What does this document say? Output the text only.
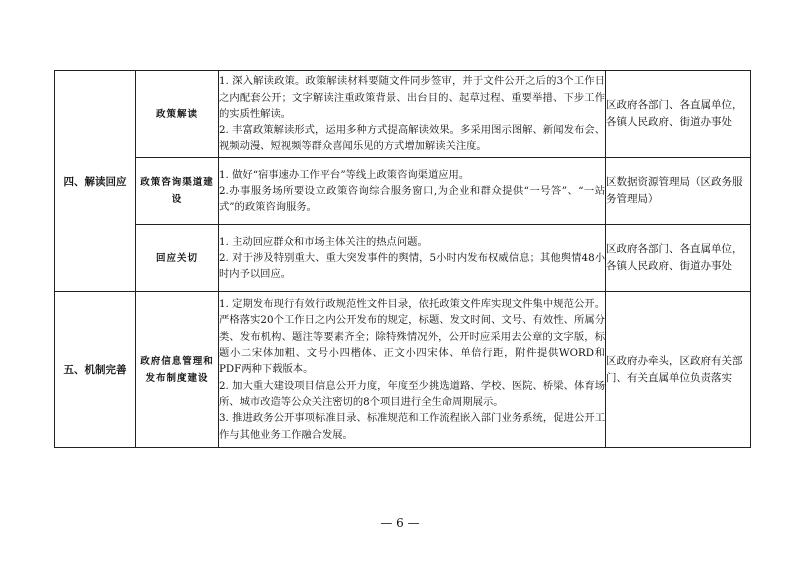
四、解读回应	政策解读	1. 深入解读政策。政策解读材料要随文件同步签审，并于文件公开之后的3个工作日之内配套公开；文字解读注重政策背景、出台目的、起草过程、重要举措、下步工作的实质性解读。
2. 丰富政策解读形式，运用多种方式提高解读效果。多采用图示图解、新闻发布会、视频动漫、短视频等群众喜闻乐见的方式增加解读关注度。	区政府各部门、各直属单位，各镇人民政府、街道办事处
	政策咨询渠道建设	1. 做好“宿事速办工作平台”等线上政策咨询渠道应用。
2.办事服务场所要设立政策咨询综合服务窗口,为企业和群众提供“一号答”、“一站式”的政策咨询服务。	区数据资源管理局（区政务服务管理局）
	回应关切	1. 主动回应群众和市场主体关注的热点问题。
2. 对于涉及特别重大、重大突发事件的舆情，5小时内发布权威信息；其他舆情48小时内予以回应。	区政府各部门、各直属单位，各镇人民政府、街道办事处
五、机制完善	政府信息管理和发布制度建设	1. 定期发布现行有效行政规范性文件目录，依托政策文件库实现文件集中规范公开。严格落实20个工作日之内公开发布的规定，标题、发文时间、文号、有效性、所属分类、发布机构、题注等要素齐全；除特殊情况外，公开时应采用去公章的文字版，标题小二宋体加粗、文号小四楷体、正文小四宋体、单倍行距，附件提供WORD和PDF两种下载版本。
2. 加大重大建设项目信息公开力度，年度至少挑选道路、学校、医院、桥梁、体育场所、城市改造等公众关注密切的8个项目进行全生命周期展示。
3. 推进政务公开事项标准目录、标准规范和工作流程嵌入部门业务系统，促进公开工作与其他业务工作融合发展。	区政府办牵头，区政府有关部门、有关直属单位负责落实
— 6 —
